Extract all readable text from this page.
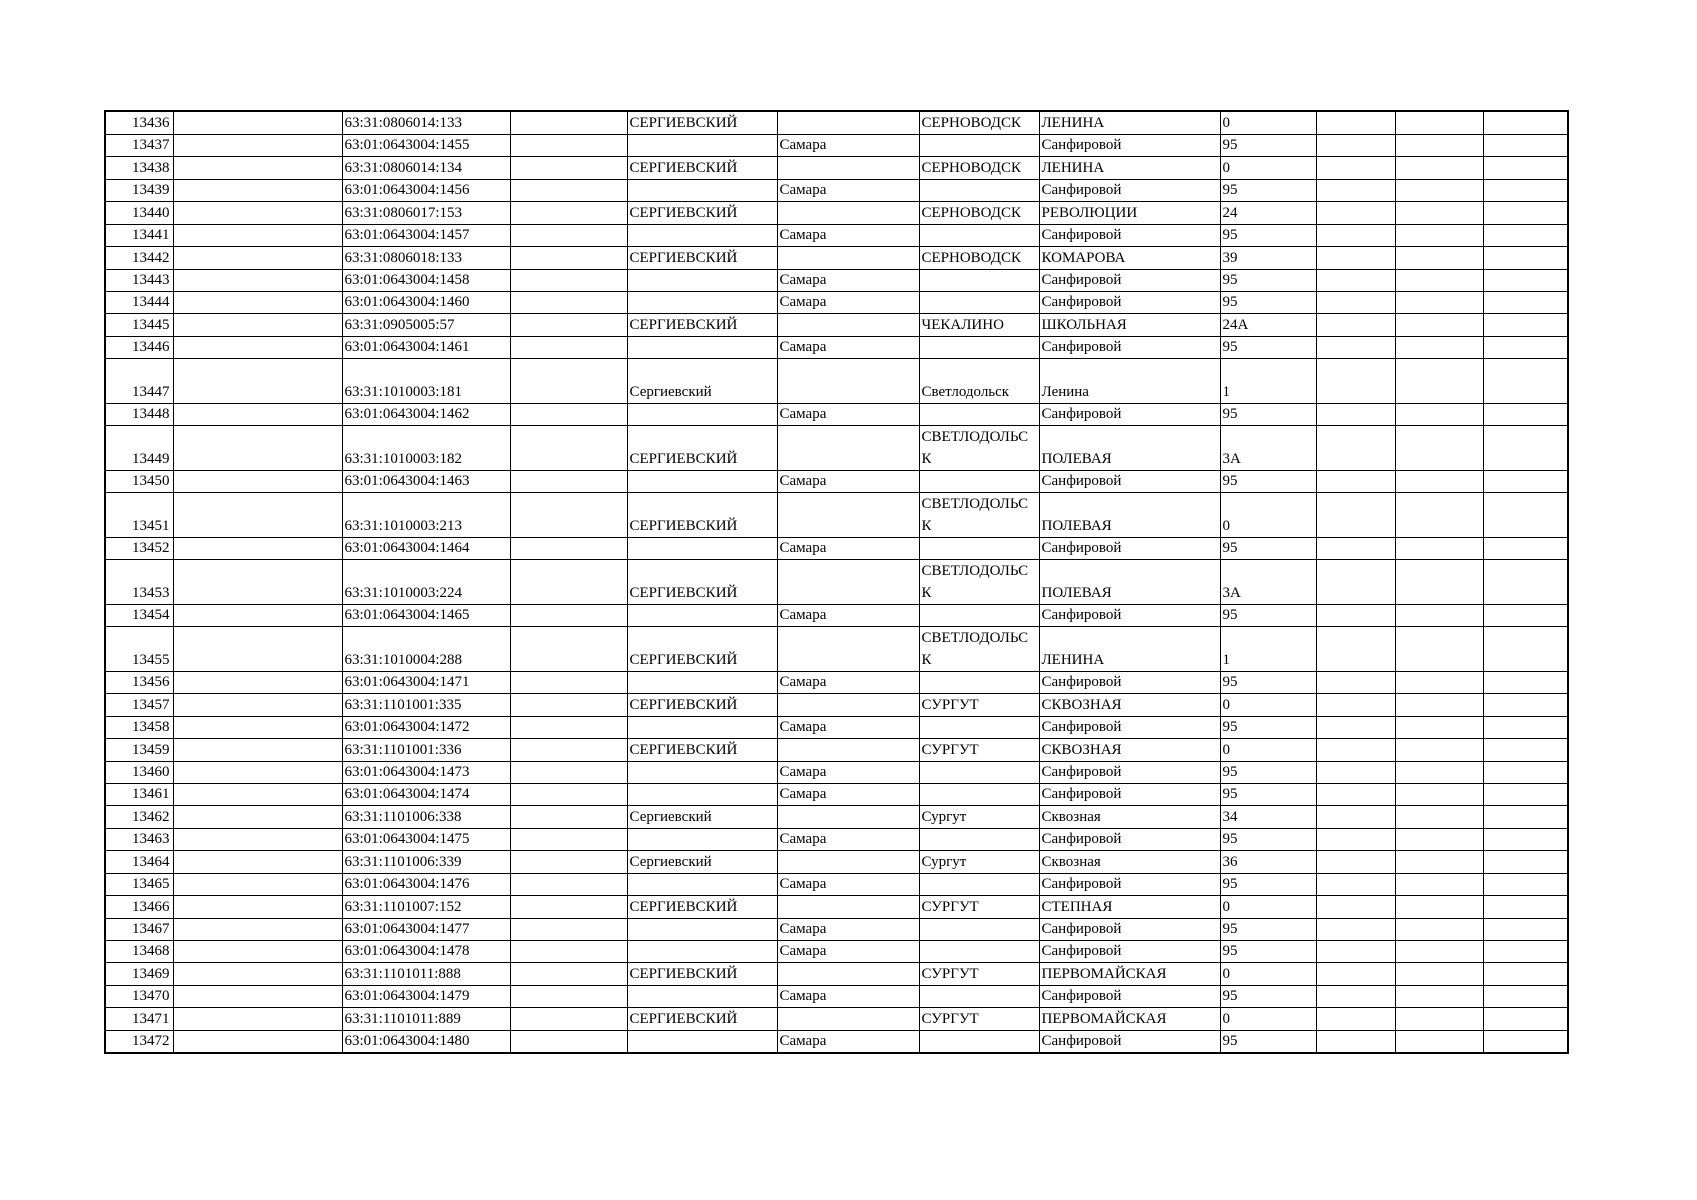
13436		63:31:0806014:133		СЕРГИЕВСКИЙ		СЕРНОВОДСК	ЛЕНИНА	0			
13437		63:01:0643004:1455			Самара		Санфировой	95			
13438		63:31:0806014:134		СЕРГИЕВСКИЙ		СЕРНОВОДСК	ЛЕНИНА	0			
13439		63:01:0643004:1456			Самара		Санфировой	95			
13440		63:31:0806017:153		СЕРГИЕВСКИЙ		СЕРНОВОДСК	РЕВОЛЮЦИИ	24			
13441		63:01:0643004:1457			Самара		Санфировой	95			
13442		63:31:0806018:133		СЕРГИЕВСКИЙ		СЕРНОВОДСК	КОМАРОВА	39			
13443		63:01:0643004:1458			Самара		Санфировой	95			
13444		63:01:0643004:1460			Самара		Санфировой	95			
13445		63:31:0905005:57		СЕРГИЕВСКИЙ		ЧЕКАЛИНО	ШКОЛЬНАЯ	24А			
13446		63:01:0643004:1461			Самара		Санфировой	95			
13447		63:31:1010003:181		Сергиевский		Светлодольск	Ленина	1			
13448		63:01:0643004:1462			Самара		Санфировой	95			
13449		63:31:1010003:182		СЕРГИЕВСКИЙ		СВЕТЛОДОЛЬСК	ПОЛЕВАЯ	3А			
13450		63:01:0643004:1463			Самара		Санфировой	95			
13451		63:31:1010003:213		СЕРГИЕВСКИЙ		СВЕТЛОДОЛЬСК	ПОЛЕВАЯ	0			
13452		63:01:0643004:1464			Самара		Санфировой	95			
13453		63:31:1010003:224		СЕРГИЕВСКИЙ		СВЕТЛОДОЛЬСК	ПОЛЕВАЯ	3А			
13454		63:01:0643004:1465			Самара		Санфировой	95			
13455		63:31:1010004:288		СЕРГИЕВСКИЙ		СВЕТЛОДОЛЬСК	ЛЕНИНА	1			
13456		63:01:0643004:1471			Самара		Санфировой	95			
13457		63:31:1101001:335		СЕРГИЕВСКИЙ		СУРГУТ	СКВОЗНАЯ	0			
13458		63:01:0643004:1472			Самара		Санфировой	95			
13459		63:31:1101001:336		СЕРГИЕВСКИЙ		СУРГУТ	СКВОЗНАЯ	0			
13460		63:01:0643004:1473			Самара		Санфировой	95			
13461		63:01:0643004:1474			Самара		Санфировой	95			
13462		63:31:1101006:338		Сергиевский		Сургут	Сквозная	34			
13463		63:01:0643004:1475			Самара		Санфировой	95			
13464		63:31:1101006:339		Сергиевский		Сургут	Сквозная	36			
13465		63:01:0643004:1476			Самара		Санфировой	95			
13466		63:31:1101007:152		СЕРГИЕВСКИЙ		СУРГУТ	СТЕПНАЯ	0			
13467		63:01:0643004:1477			Самара		Санфировой	95			
13468		63:01:0643004:1478			Самара		Санфировой	95			
13469		63:31:1101011:888		СЕРГИЕВСКИЙ		СУРГУТ	ПЕРВОМАЙСКАЯ	0			
13470		63:01:0643004:1479			Самара		Санфировой	95			
13471		63:31:1101011:889		СЕРГИЕВСКИЙ		СУРГУТ	ПЕРВОМАЙСКАЯ	0			
13472		63:01:0643004:1480			Самара		Санфировой	95			
